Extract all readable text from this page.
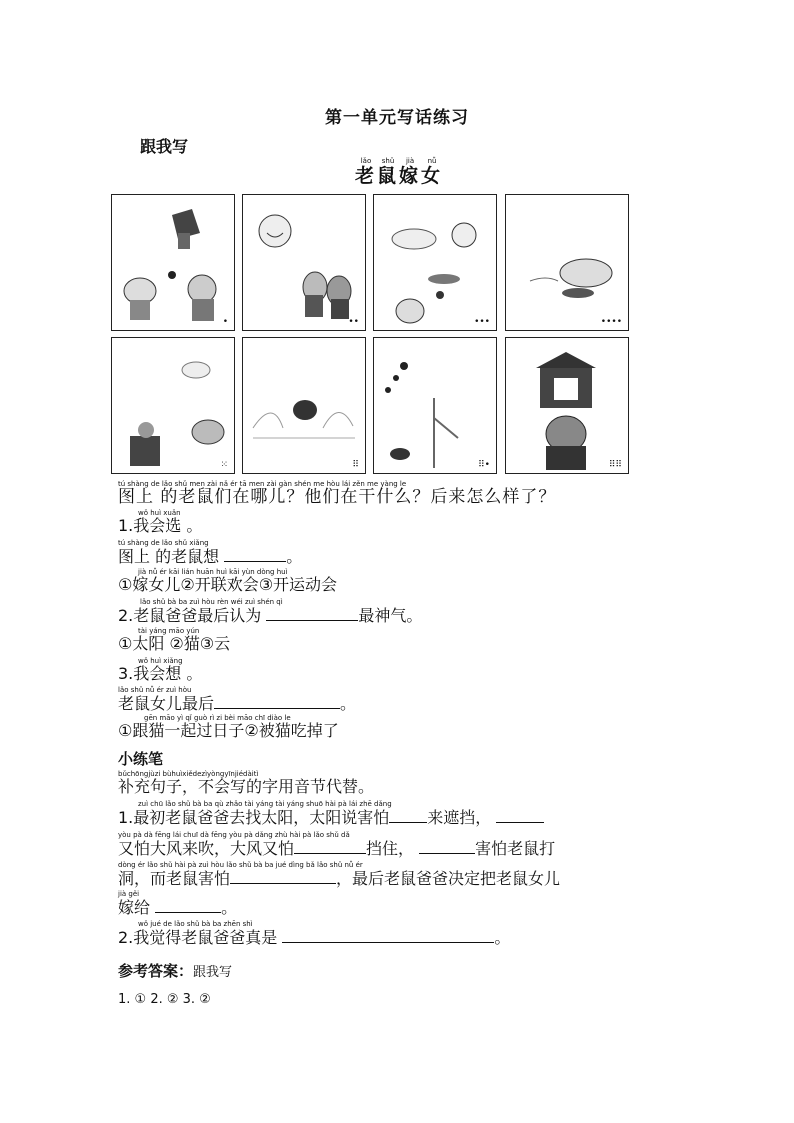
第一单元写话练习
跟我写
老lǎo鼠shǔ嫁jià女nǚ
•	••	•••	••••
⁙	⠿	⠿•	⠿⠿
tú shàng de lǎo shǔ men zài nǎ ér tā men zài gàn shén me hòu lái zěn me yàng le
图上 的老鼠们在哪儿？他们在干什么？后来怎么样了？
wǒ huì xuǎn
1.我会选 。
tú shàng de lǎo shǔ xiǎng
图上 的老鼠想	。
jià nǚ ér kāi lián huān huì kāi yùn dòng huì
①嫁女儿②开联欢会③开运动会
lǎo shǔ bà ba zuì hòu rèn wéi zuì shén qì
2.老鼠爸爸最后认为	最神气。
tài yáng māo yún
①太阳 ②猫③云
wǒ huì xiǎng
3.我会想 。
lǎo shǔ nǚ ér zuì hòu
老鼠女儿最后	。
gēn māo yì qǐ guò rì zi bèi māo chī diào le
①跟猫一起过日子②被猫吃掉了
小练笔
bǔchōngjùzi bùhuìxiědezìyòngyīnjiédàitì
补充句子，不会写的字用音节代替。
zuì chū lǎo shǔ bà ba qù zhǎo tài yáng tài yáng shuō hài pà lái zhē dǎng
1.最初老鼠爸爸去找太阳，太阳说害怕 来遮挡，
yòu pà dà fēng lái chuī dà fēng yòu pà dǎng zhù hài pà lǎo shǔ dǎ
又怕大风来吹，大风又怕	挡住，	害怕老鼠打
dòng ér lǎo shǔ hài pà zuì hòu lǎo shǔ bà ba jué dìng bǎ lǎo shǔ nǚ ér
洞，而老鼠害怕	，最后老鼠爸爸决定把老鼠女儿
jià gěi
嫁给	。
wǒ jué de lǎo shǔ bà ba zhēn shì
2.我觉得老鼠爸爸真是	。
参考答案：跟我写
1. ① 2. ② 3. ②
